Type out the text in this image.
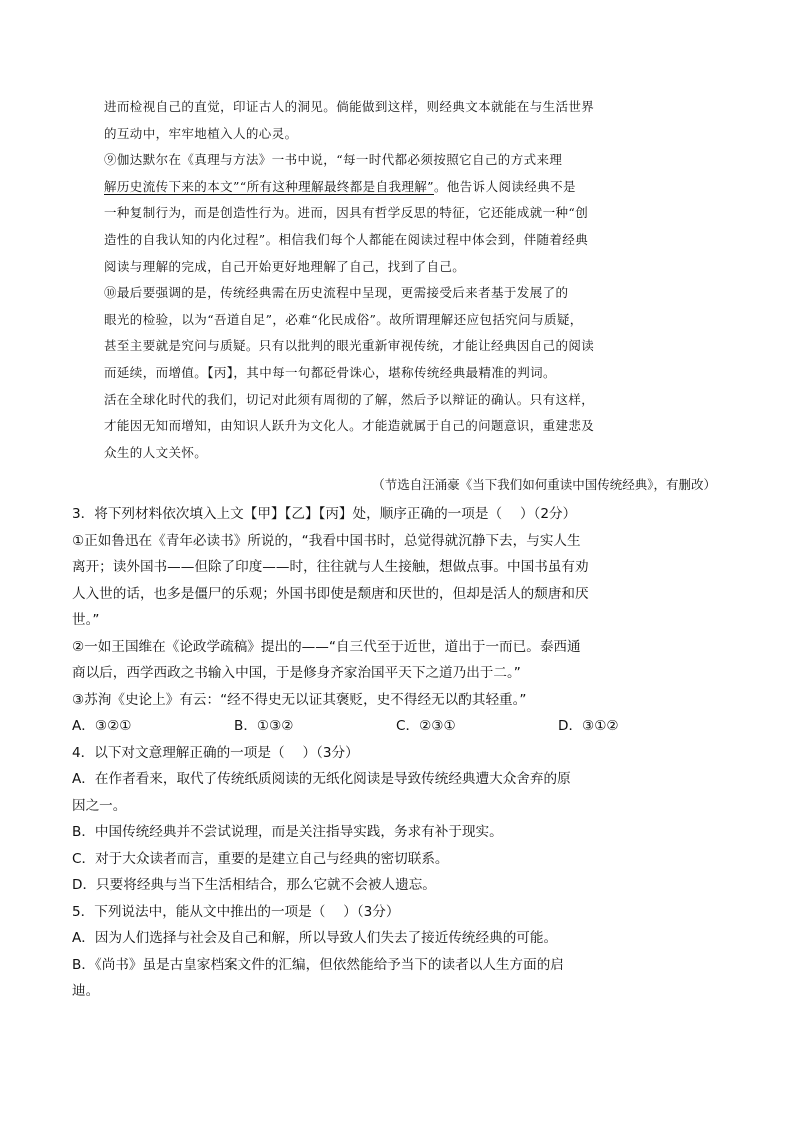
进而检视自己的直觉，印证古人的洞见。倘能做到这样，则经典文本就能在与生活世界
的互动中，牢牢地植入人的心灵。
⑨伽达默尔在《真理与方法》一书中说，“每一时代都必须按照它自己的方式来理
解历史流传下来的本文”“所有这种理解最终都是自我理解”。他告诉人阅读经典不是
一种复制行为，而是创造性行为。进而，因具有哲学反思的特征，它还能成就一种“创
造性的自我认知的内化过程”。相信我们每个人都能在阅读过程中体会到，伴随着经典
阅读与理解的完成，自己开始更好地理解了自己，找到了自己。
⑩最后要强调的是，传统经典需在历史流程中呈现，更需接受后来者基于发展了的
眼光的检验，以为“吾道自足”，必难“化民成俗”。故所谓理解还应包括究问与质疑，
甚至主要就是究问与质疑。只有以批判的眼光重新审视传统，才能让经典因自己的阅读
而延续，而增值。【丙】，其中每一句都砭骨诛心，堪称传统经典最精准的判词。
活在全球化时代的我们，切记对此须有周彻的了解，然后予以辩证的确认。只有这样，
才能因无知而增知，由知识人跃升为文化人。才能造就属于自己的问题意识，重建悲及
众生的人文关怀。
（节选自汪涌豪《当下我们如何重读中国传统经典》，有删改）
3．将下列材料依次填入上文【甲】【乙】【丙】处，顺序正确的一项是（　 ）（2分）
①正如鲁迅在《青年必读书》所说的，“我看中国书时，总觉得就沉静下去，与实人生
离开；读外国书——但除了印度——时，往往就与人生接触，想做点事。中国书虽有劝
人入世的话，也多是僵尸的乐观；外国书即使是颓唐和厌世的，但却是活人的颓唐和厌
世。”
②一如王国维在《论政学疏稿》提出的——“自三代至于近世，道出于一而已。泰西通
商以后，西学西政之书输入中国，于是修身齐家治国平天下之道乃出于二。”
③苏洵《史论上》有云：“经不得史无以证其褒贬，史不得经无以酌其轻重。”
A．③②①	B．①③②	C．②③①	D．③①②
4．以下对文意理解正确的一项是（　 ）（3分）
A．在作者看来，取代了传统纸质阅读的无纸化阅读是导致传统经典遭大众舍弃的原
因之一。
B．中国传统经典并不尝试说理，而是关注指导实践，务求有补于现实。
C．对于大众读者而言，重要的是建立自己与经典的密切联系。
D．只要将经典与当下生活相结合，那么它就不会被人遗忘。
5．下列说法中，能从文中推出的一项是（　 ）（3分）
A．因为人们选择与社会及自己和解，所以导致人们失去了接近传统经典的可能。
B．《尚书》虽是古皇家档案文件的汇编，但依然能给予当下的读者以人生方面的启
迪。
